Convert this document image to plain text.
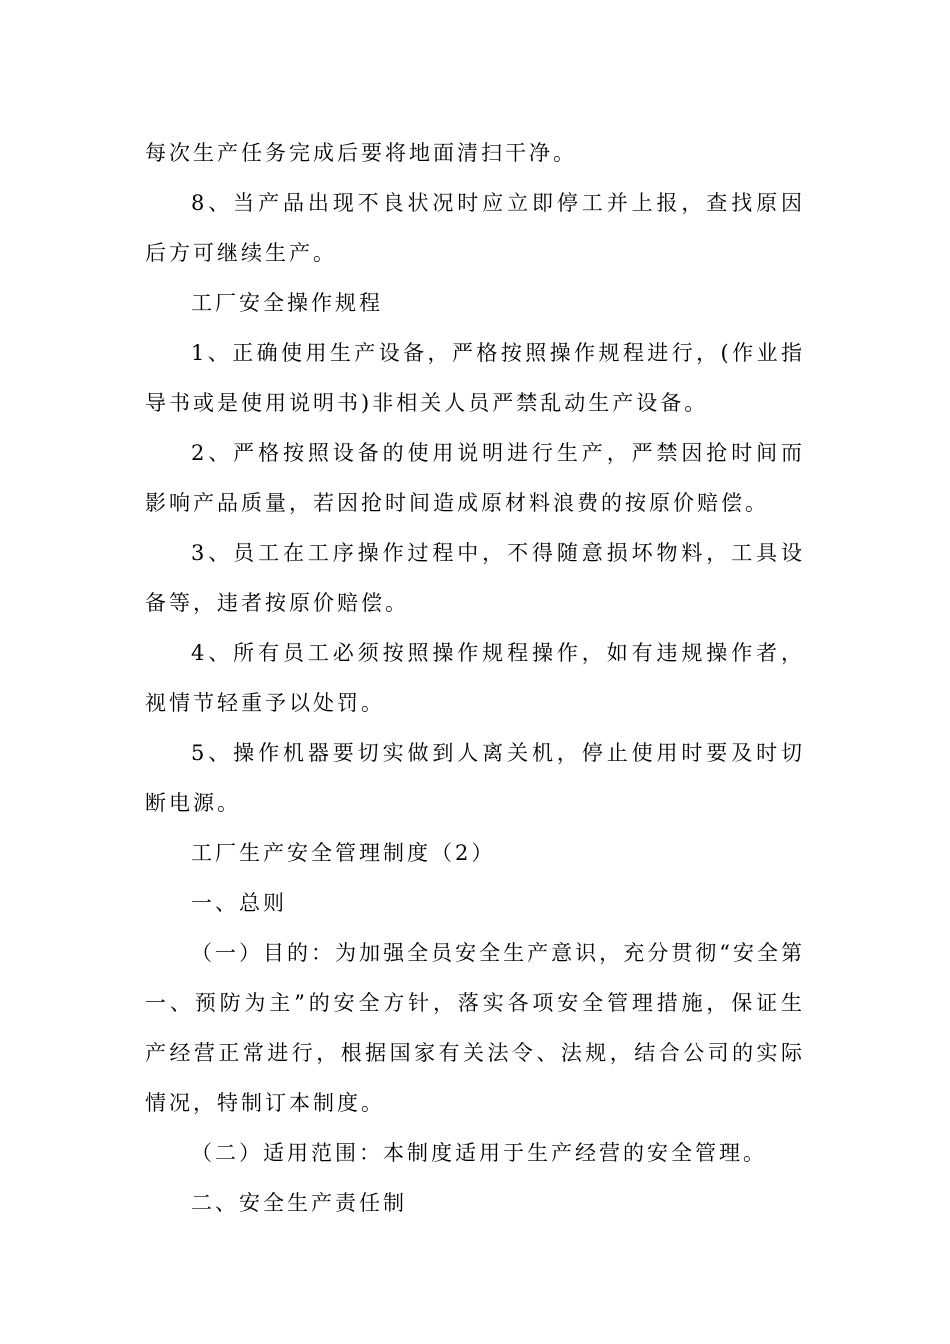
每次生产任务完成后要将地面清扫干净。

8、当产品出现不良状况时应立即停工并上报，查找原因后方可继续生产。

工厂安全操作规程

1、正确使用生产设备，严格按照操作规程进行，(作业指导书或是使用说明书)非相关人员严禁乱动生产设备。

2、严格按照设备的使用说明进行生产，严禁因抢时间而影响产品质量，若因抢时间造成原材料浪费的按原价赔偿。

3、员工在工序操作过程中，不得随意损坏物料，工具设备等，违者按原价赔偿。

4、所有员工必须按照操作规程操作，如有违规操作者，视情节轻重予以处罚。

5、操作机器要切实做到人离关机，停止使用时要及时切断电源。

工厂生产安全管理制度（2）

一、总则

（一）目的：为加强全员安全生产意识，充分贯彻“安全第一、预防为主”的安全方针，落实各项安全管理措施，保证生产经营正常进行，根据国家有关法令、法规，结合公司的实际情况，特制订本制度。

（二）适用范围：本制度适用于生产经营的安全管理。

二、安全生产责任制
